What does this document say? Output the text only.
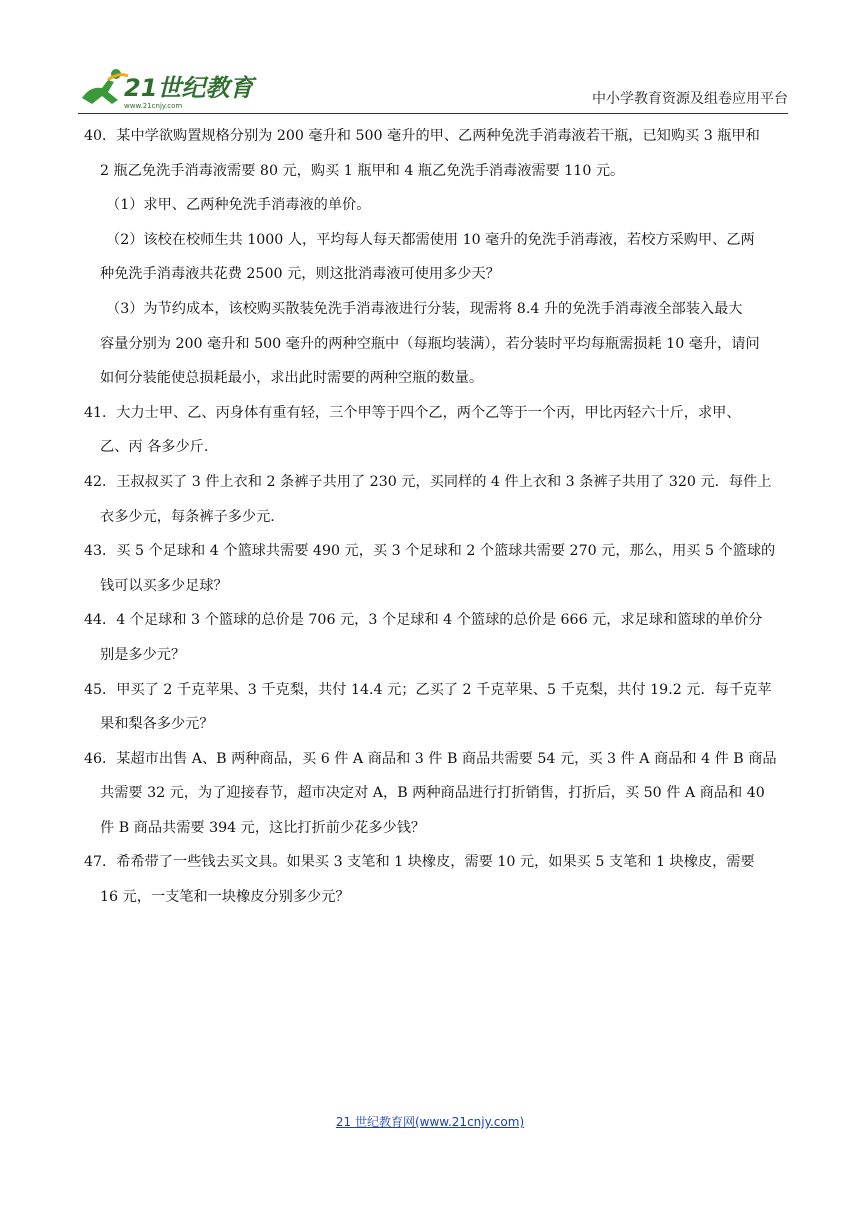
21世纪教育
www.21cnjy.com	中小学教育资源及组卷应用平台

40．某中学欲购置规格分别为 200 毫升和 500 毫升的甲、乙两种免洗手消毒液若干瓶，已知购买 3 瓶甲和
2 瓶乙免洗手消毒液需要 80 元，购买 1 瓶甲和 4 瓶乙免洗手消毒液需要 110 元。

（1）求甲、乙两种免洗手消毒液的单价。

（2）该校在校师生共 1000 人，平均每人每天都需使用 10 毫升的免洗手消毒液，若校方采购甲、乙两
种免洗手消毒液共花费 2500 元，则这批消毒液可使用多少天？

（3）为节约成本，该校购买散装免洗手消毒液进行分装，现需将 8.4 升的免洗手消毒液全部装入最大
容量分别为 200 毫升和 500 毫升的两种空瓶中（每瓶均装满），若分装时平均每瓶需损耗 10 毫升，请问
如何分装能使总损耗最小，求出此时需要的两种空瓶的数量。

41．大力士甲、乙、丙身体有重有轻，三个甲等于四个乙，两个乙等于一个丙，甲比丙轻六十斤，求甲、
乙、丙 各多少斤.

42．王叔叔买了 3 件上衣和 2 条裤子共用了 230 元，买同样的 4 件上衣和 3 条裤子共用了 320 元．每件上
衣多少元，每条裤子多少元.

43．买 5 个足球和 4 个篮球共需要 490 元，买 3 个足球和 2 个篮球共需要 270 元，那么，用买 5 个篮球的
钱可以买多少足球？

44．4 个足球和 3 个篮球的总价是 706 元，3 个足球和 4 个篮球的总价是 666 元，求足球和篮球的单价分
别是多少元？

45．甲买了 2 千克苹果、3 千克梨，共付 14.4 元；乙买了 2 千克苹果、5 千克梨，共付 19.2 元．每千克苹
果和梨各多少元？

46．某超市出售 A、B 两种商品，买 6 件 A 商品和 3 件 B 商品共需要 54 元，买 3 件 A 商品和 4 件 B 商品
共需要 32 元，为了迎接春节，超市决定对 A，B 两种商品进行打折销售，打折后，买 50 件 A 商品和 40
件 B 商品共需要 394 元，这比打折前少花多少钱？

47．希希带了一些钱去买文具。如果买 3 支笔和 1 块橡皮，需要 10 元，如果买 5 支笔和 1 块橡皮，需要
16 元，一支笔和一块橡皮分别多少元？

21 世纪教育网(www.21cnjy.com)
